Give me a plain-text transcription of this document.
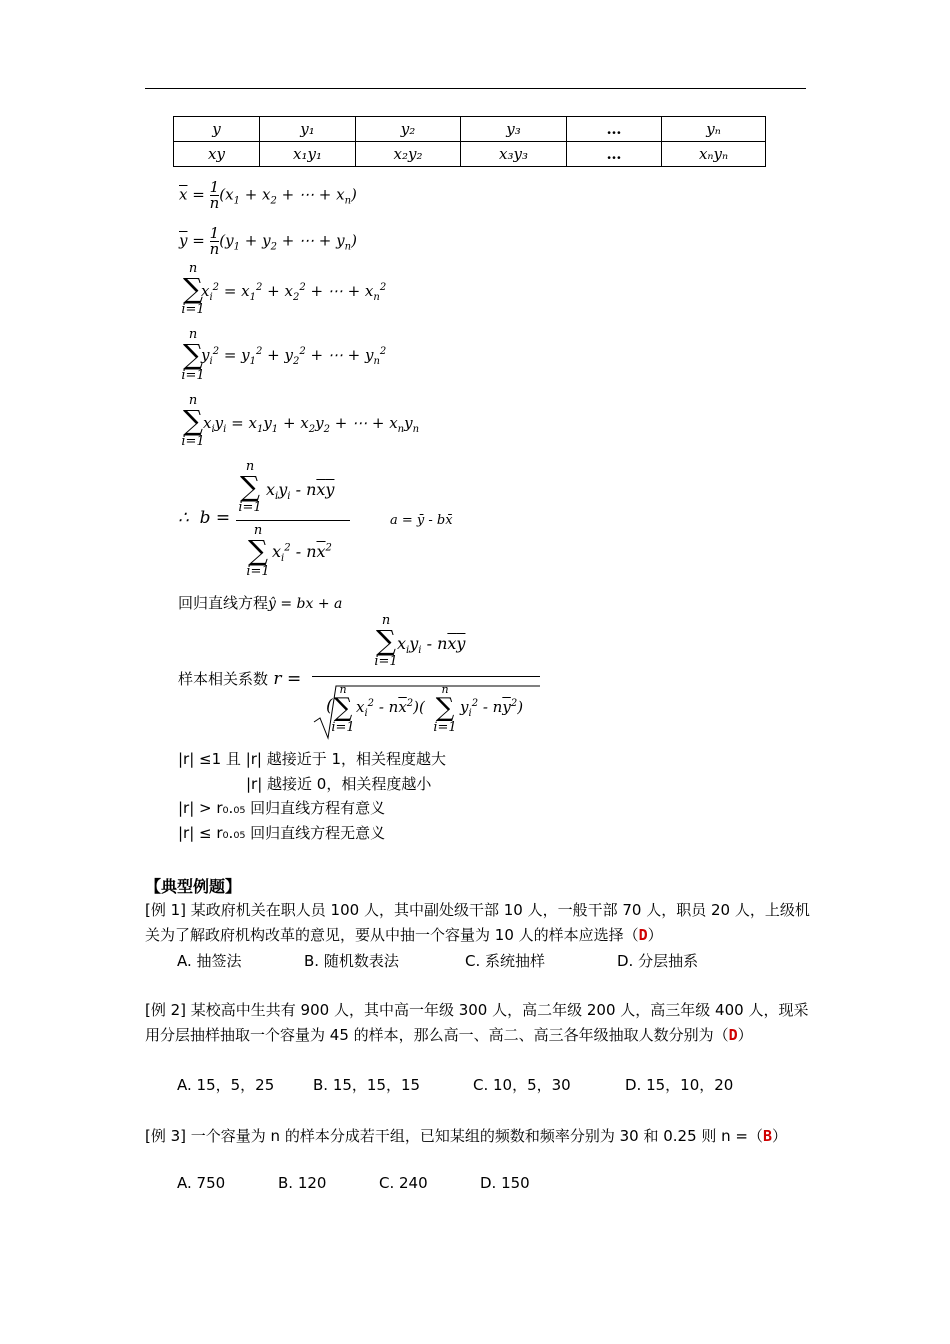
y	y₁	y₂	y₃	…	yₙ
xy	x₁y₁	x₂y₂	x₃y₃	…	xₙyₙ
$\overline{x} = \frac{1}{n} (x_1 + x_2$ + ⋯ + $x_n$)
$\overline{y} = \frac{1}{n} (y_1 + y_2$ + ⋯ + $y_n$)
n
∑
i=1
$x_i^2 = x_1^2 + x_2^2$ + ⋯ + $x_n^2$
n
∑
i=1
$y_i^2 = y_1^2 + y_2^2$ + ⋯ + $y_n^2$
n
∑
i=1
$x_iy_i = x_1y_1 + x_2y_2$ + ⋯ + $x_ny_n$
∴  b =
n
∑
i=1
$x_iy_i - n\overline{x}\overline{y}$
n
∑
i=1
$x_i^2 - n\overline{x}^2$
a = ȳ - bx̄
回归直线方程ŷ = bx + a
样本相关系数 r =
n
∑
i=1
$x_iy_i - n\overline{x}\overline{y}$
(
n
∑
i=1
$x_i^2 - n\overline{x}^2$)(
n
∑
i=1
$y_i^2 - n\overline{y}^2$)
|r| ≤1 且 |r| 越接近于 1，相关程度越大
|r| 越接近 0，相关程度越小
|r| > r₀.₀₅ 回归直线方程有意义
|r| ≤ r₀.₀₅ 回归直线方程无意义
【典型例题】
[例 1] 某政府机关在职人员 100 人，其中副处级干部 10 人，一般干部 70 人，职员 20 人，上级机关为了解政府机构改革的意见，要从中抽一个容量为 10 人的样本应选择（D）
A. 抽签法	B. 随机数表法	C. 系统抽样	D. 分层抽系
[例 2] 某校高中生共有 900 人，其中高一年级 300 人，高二年级 200 人，高三年级 400 人，现采用分层抽样抽取一个容量为 45 的样本，那么高一、高二、高三各年级抽取人数分别为（D）
A. 15，5，25	B. 15，15，15	C. 10，5，30	D. 15，10，20
[例 3] 一个容量为 n 的样本分成若干组，已知某组的频数和频率分别为 30 和 0.25 则 n =（B）
A. 750	B. 120	C. 240	D. 150
